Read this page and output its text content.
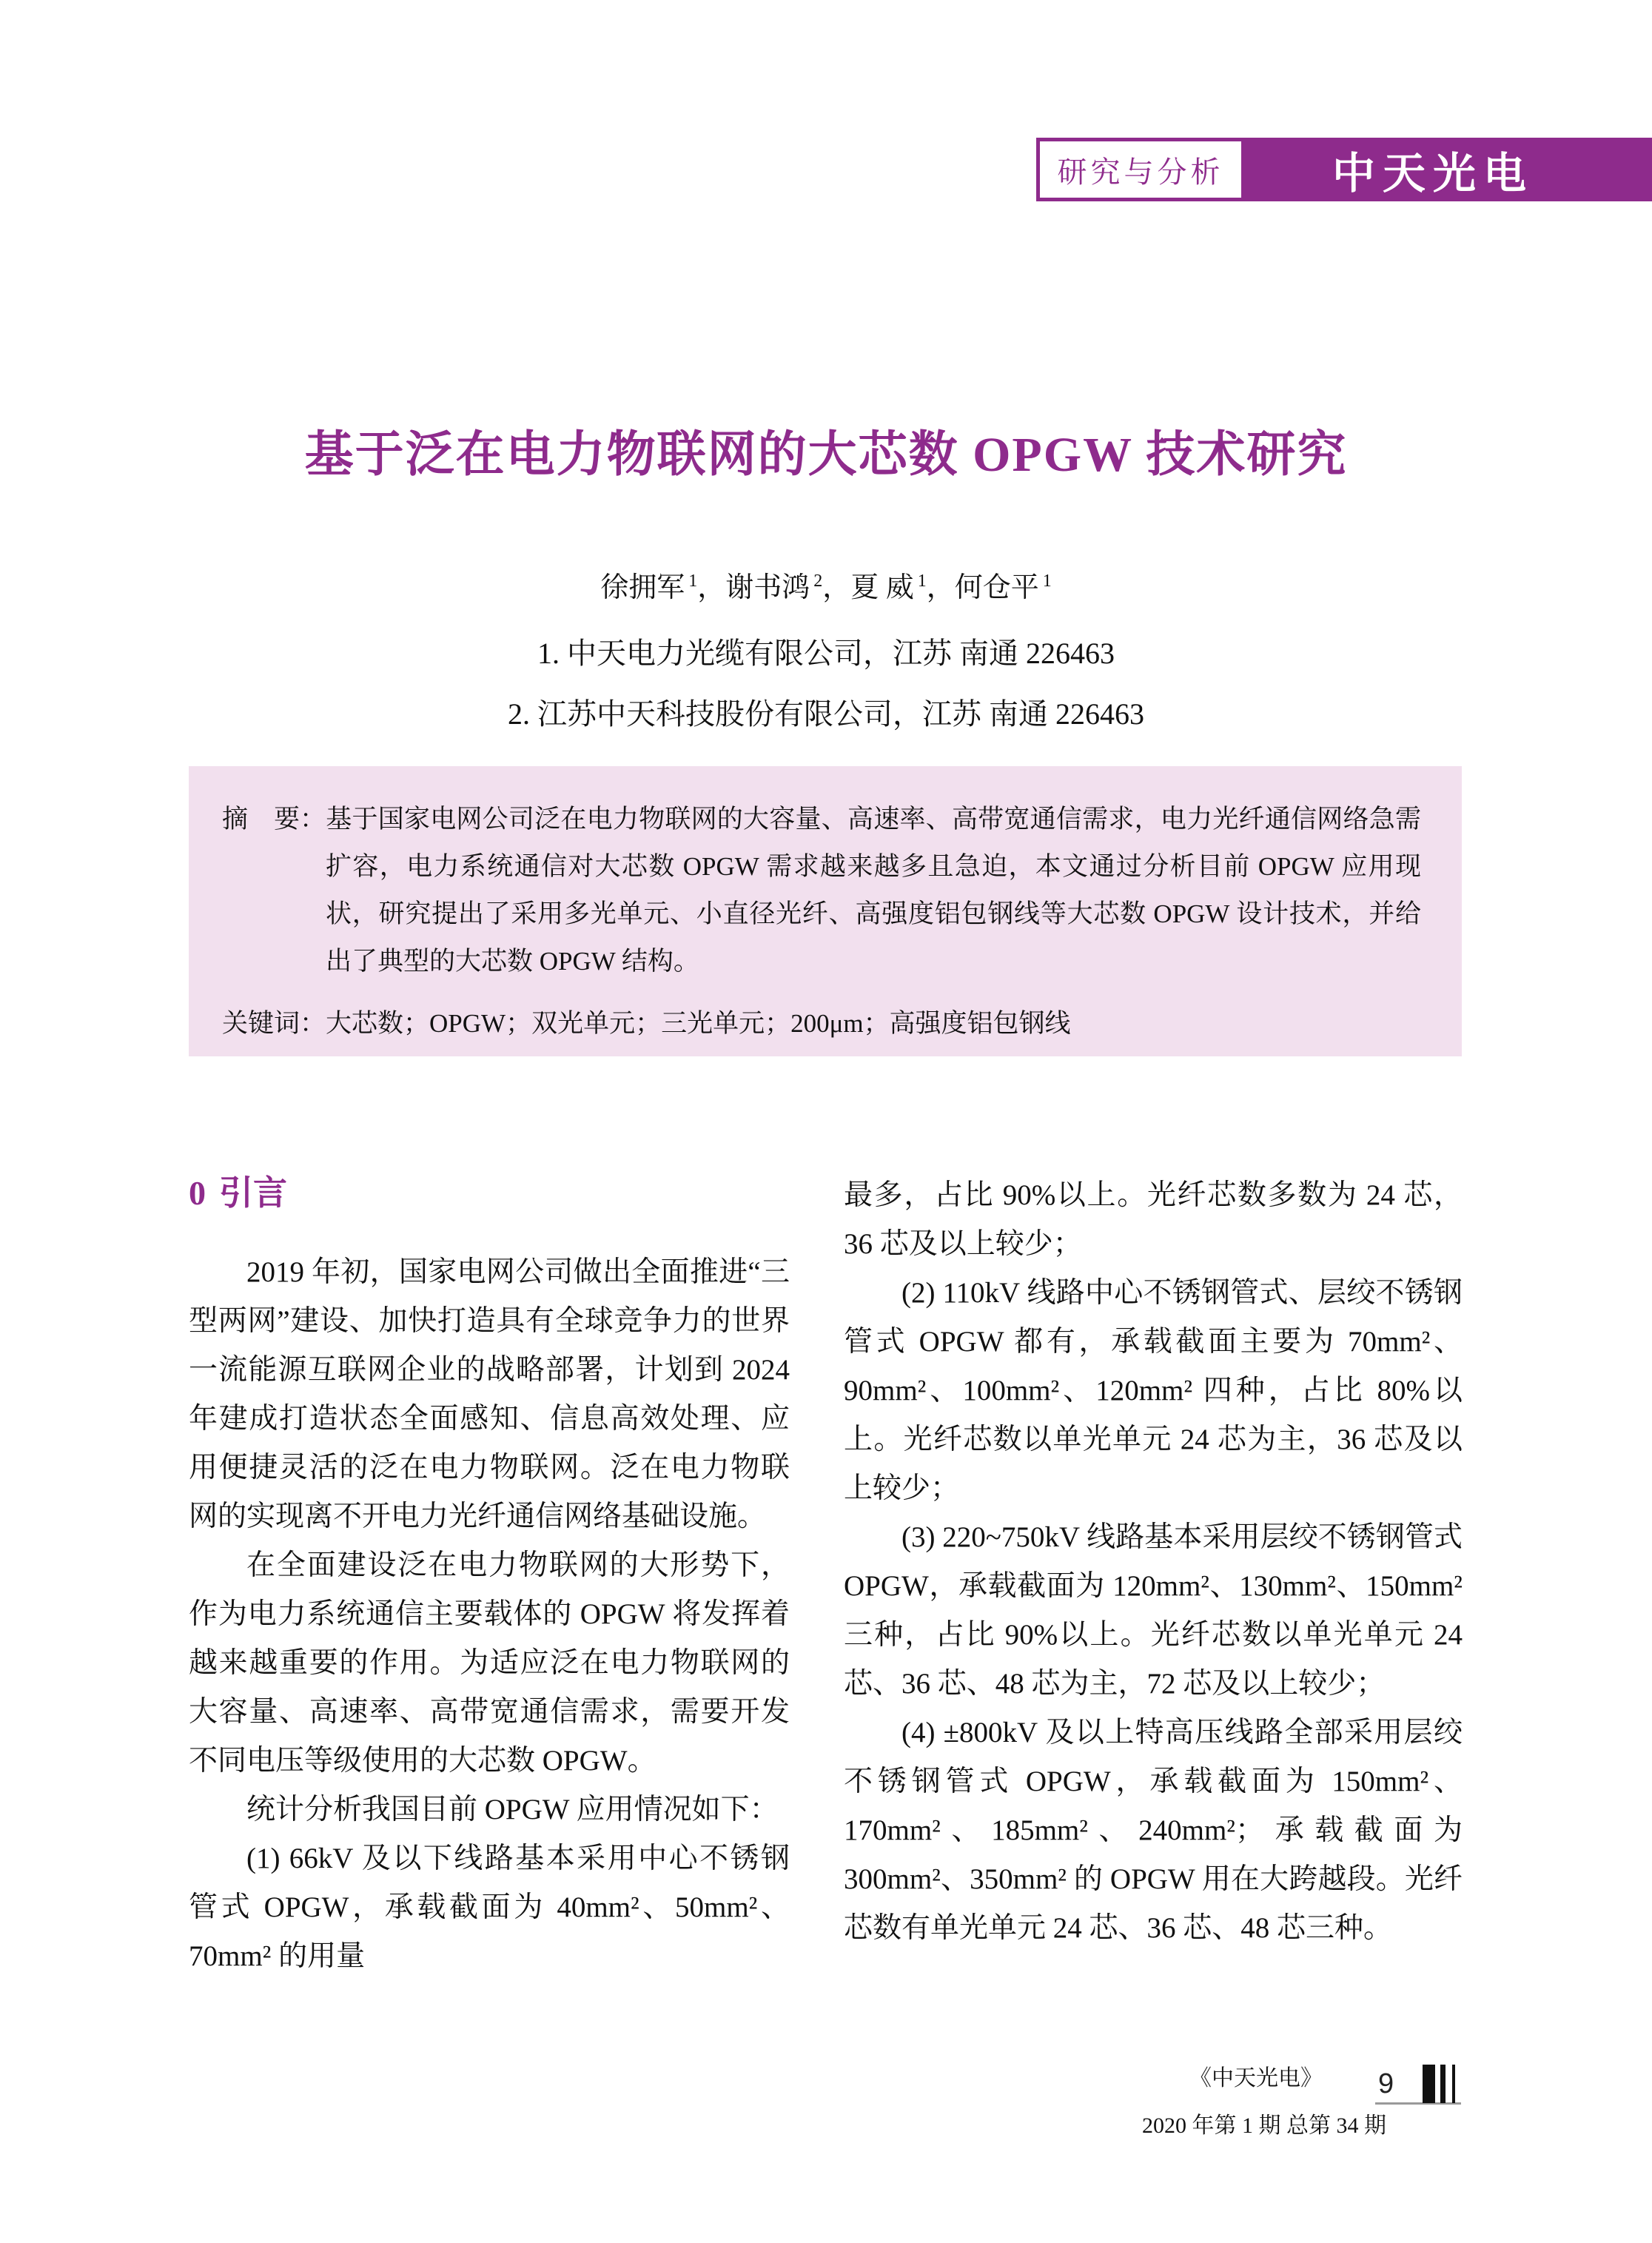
研究与分析	中天光电
基于泛在电力物联网的大芯数 OPGW 技术研究
徐拥军 $^1$，谢书鸿 $^2$，夏 威 $^1$，何仓平 $^1$
1. 中天电力光缆有限公司，江苏 南通 226463
2. 江苏中天科技股份有限公司，江苏 南通 226463
摘　要：基于国家电网公司泛在电力物联网的大容量、高速率、高带宽通信需求，电力光纤通信网络急需扩容，电力系统通信对大芯数 OPGW 需求越来越多且急迫，本文通过分析目前 OPGW 应用现状，研究提出了采用多光单元、小直径光纤、高强度铝包钢线等大芯数 OPGW 设计技术，并给出了典型的大芯数 OPGW 结构。
关键词：大芯数；OPGW；双光单元；三光单元；200μm；高强度铝包钢线
0 引言

2019 年初，国家电网公司做出全面推进“三型两网”建设、加快打造具有全球竞争力的世界一流能源互联网企业的战略部署，计划到 2024 年建成打造状态全面感知、信息高效处理、应用便捷灵活的泛在电力物联网。泛在电力物联网的实现离不开电力光纤通信网络基础设施。

在全面建设泛在电力物联网的大形势下，作为电力系统通信主要载体的 OPGW 将发挥着越来越重要的作用。为适应泛在电力物联网的大容量、高速率、高带宽通信需求，需要开发不同电压等级使用的大芯数 OPGW。

统计分析我国目前 OPGW 应用情况如下：

(1) 66kV 及以下线路基本采用中心不锈钢管式 OPGW，承载截面为 40mm²、50mm²、70mm² 的用量

最多，占比 90%以上。光纤芯数多数为 24 芯，36 芯及以上较少；

(2) 110kV 线路中心不锈钢管式、层绞不锈钢管式 OPGW 都有，承载截面主要为 70mm²、90mm²、100mm²、120mm² 四种，占比 80%以上。光纤芯数以单光单元 24 芯为主，36 芯及以上较少；

(3) 220~750kV 线路基本采用层绞不锈钢管式 OPGW，承载截面为 120mm²、130mm²、150mm² 三种，占比 90%以上。光纤芯数以单光单元 24 芯、36 芯、48 芯为主，72 芯及以上较少；

(4) ±800kV 及以上特高压线路全部采用层绞不锈钢管式 OPGW，承载截面为 150mm²、170mm²、185mm²、240mm²；承载截面为 300mm²、350mm² 的 OPGW 用在大跨越段。光纤芯数有单光单元 24 芯、36 芯、48 芯三种。

《中天光电》
2020 年第 1 期 总第 34 期
9
